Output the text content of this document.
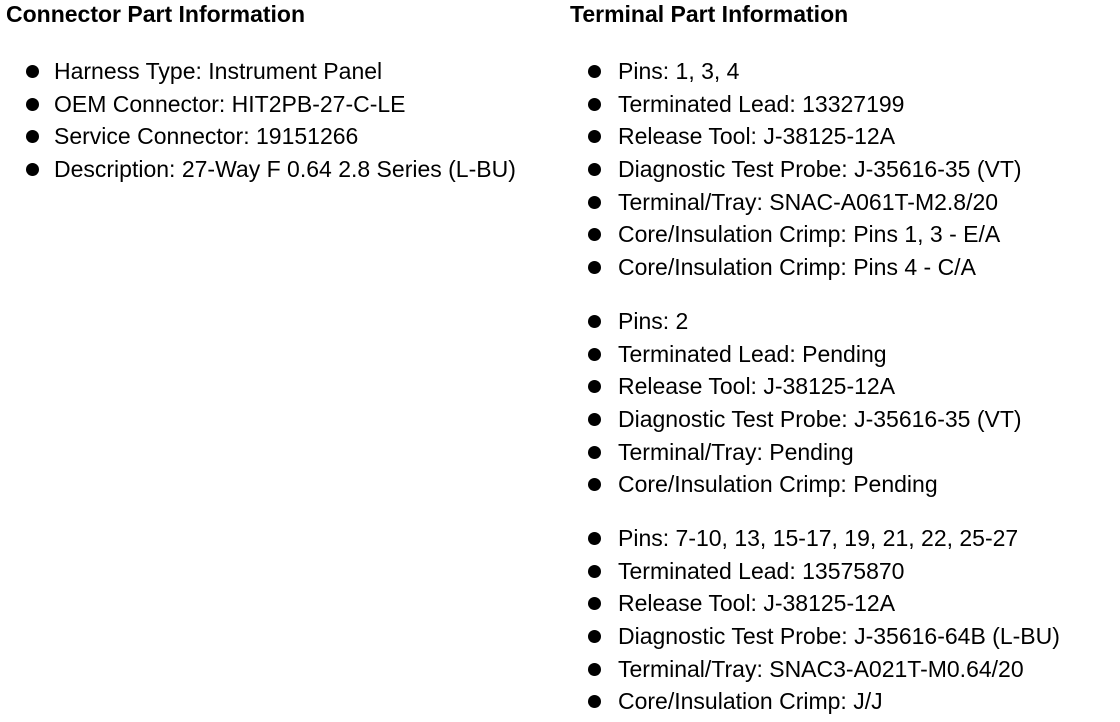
Connector Part Information
Harness Type: Instrument Panel
OEM Connector: HIT2PB-27-C-LE
Service Connector: 19151266
Description: 27-Way F 0.64 2.8 Series (L-BU)
Terminal Part Information
Pins: 1, 3, 4
Terminated Lead: 13327199
Release Tool: J-38125-12A
Diagnostic Test Probe: J-35616-35 (VT)
Terminal/Tray: SNAC-A061T-M2.8/20
Core/Insulation Crimp: Pins 1, 3 - E/A
Core/Insulation Crimp: Pins 4 - C/A
Pins: 2
Terminated Lead: Pending
Release Tool: J-38125-12A
Diagnostic Test Probe: J-35616-35 (VT)
Terminal/Tray: Pending
Core/Insulation Crimp: Pending
Pins: 7-10, 13, 15-17, 19, 21, 22, 25-27
Terminated Lead: 13575870
Release Tool: J-38125-12A
Diagnostic Test Probe: J-35616-64B (L-BU)
Terminal/Tray: SNAC3-A021T-M0.64/20
Core/Insulation Crimp: J/J
